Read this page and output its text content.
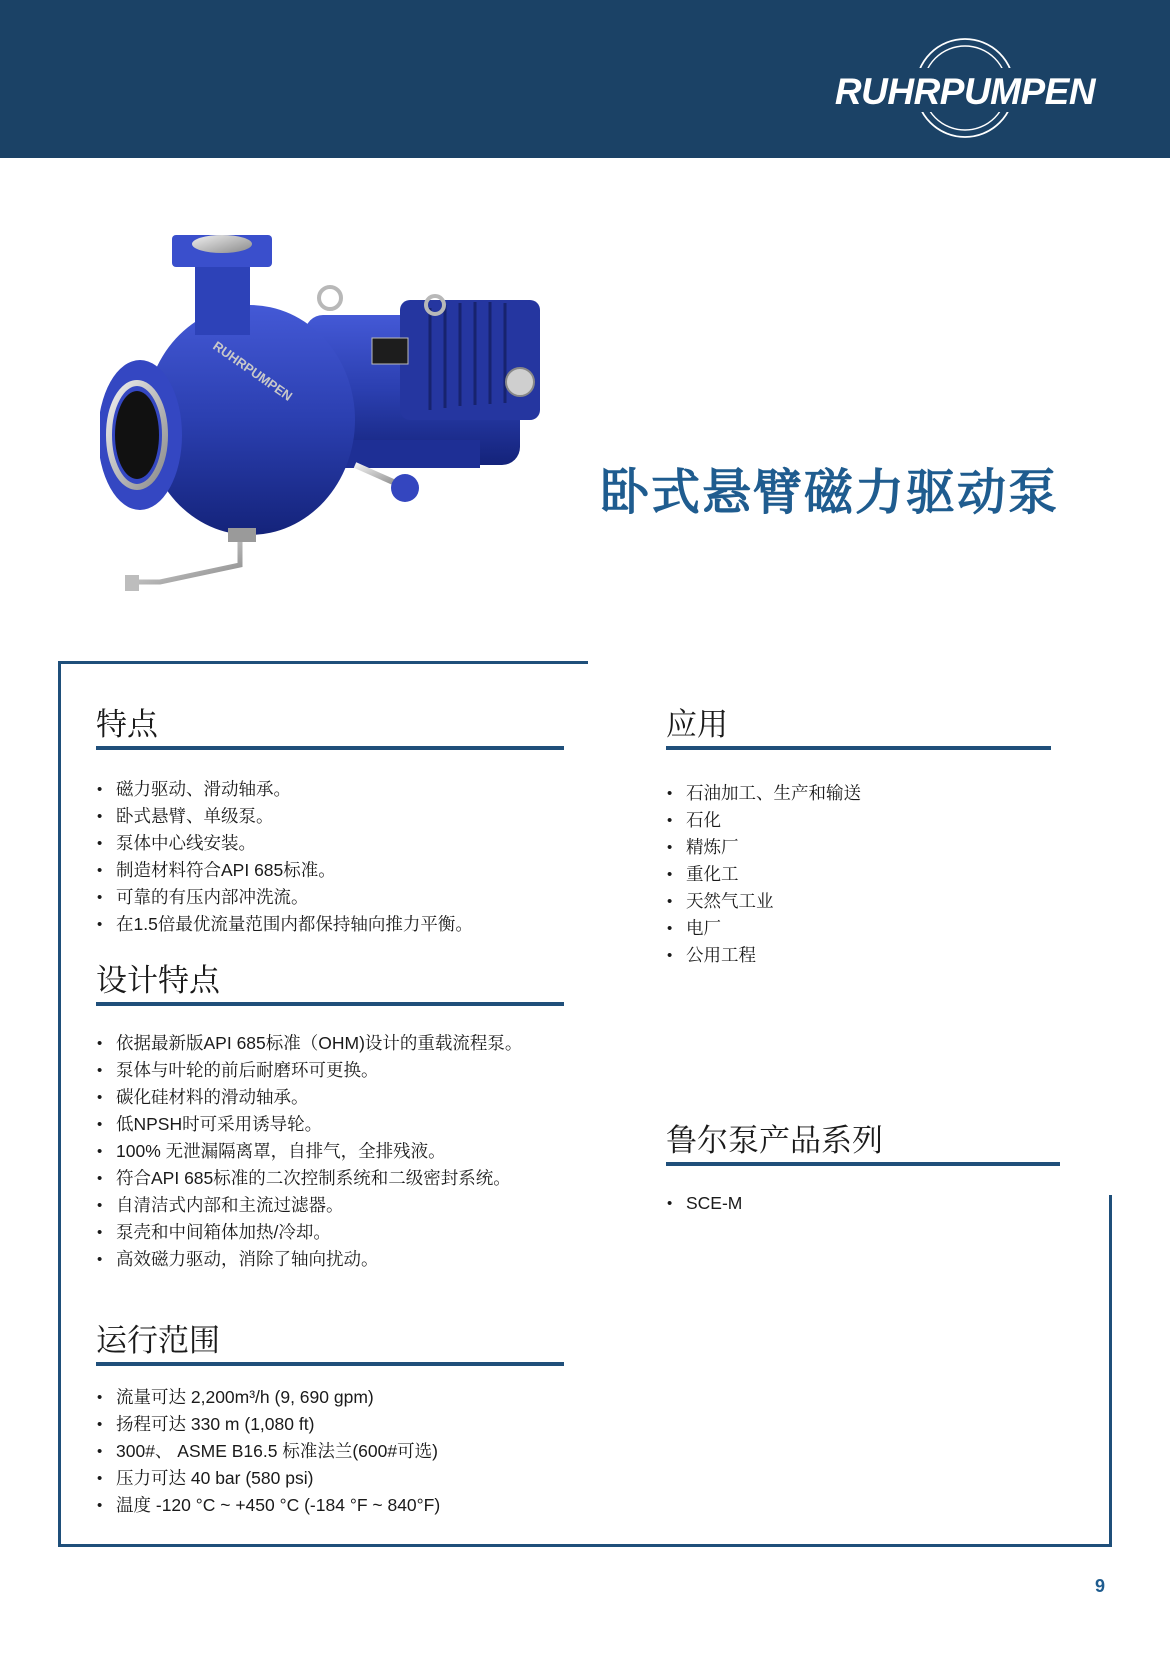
RUHRPUMPEN
RUHRPUMPEN
卧式悬臂磁力驱动泵
特点
• 磁力驱动、滑动轴承。
• 卧式悬臂、单级泵。
• 泵体中心线安装。
• 制造材料符合API 685标准。
• 可靠的有压内部冲洗流。
• 在1.5倍最优流量范围内都保持轴向推力平衡。
设计特点
• 依据最新版API 685标准（OHM)设计的重载流程泵。
• 泵体与叶轮的前后耐磨环可更换。
• 碳化硅材料的滑动轴承。
• 低NPSH时可采用诱导轮。
• 100% 无泄漏隔离罩，自排气，全排残液。
• 符合API 685标准的二次控制系统和二级密封系统。
• 自清洁式内部和主流过滤器。
• 泵壳和中间箱体加热/冷却。
• 高效磁力驱动，消除了轴向扰动。
运行范围
• 流量可达 2,200m³/h (9, 690 gpm)
• 扬程可达 330 m (1,080 ft)
• 300#、 ASME B16.5 标准法兰(600#可选)
• 压力可达 40 bar (580 psi)
• 温度 -120 °C ~ +450 °C (-184 °F ~ 840°F)
应用
• 石油加工、生产和输送
• 石化
• 精炼厂
• 重化工
• 天然气工业
• 电厂
• 公用工程
鲁尔泵产品系列
• SCE-M
9
